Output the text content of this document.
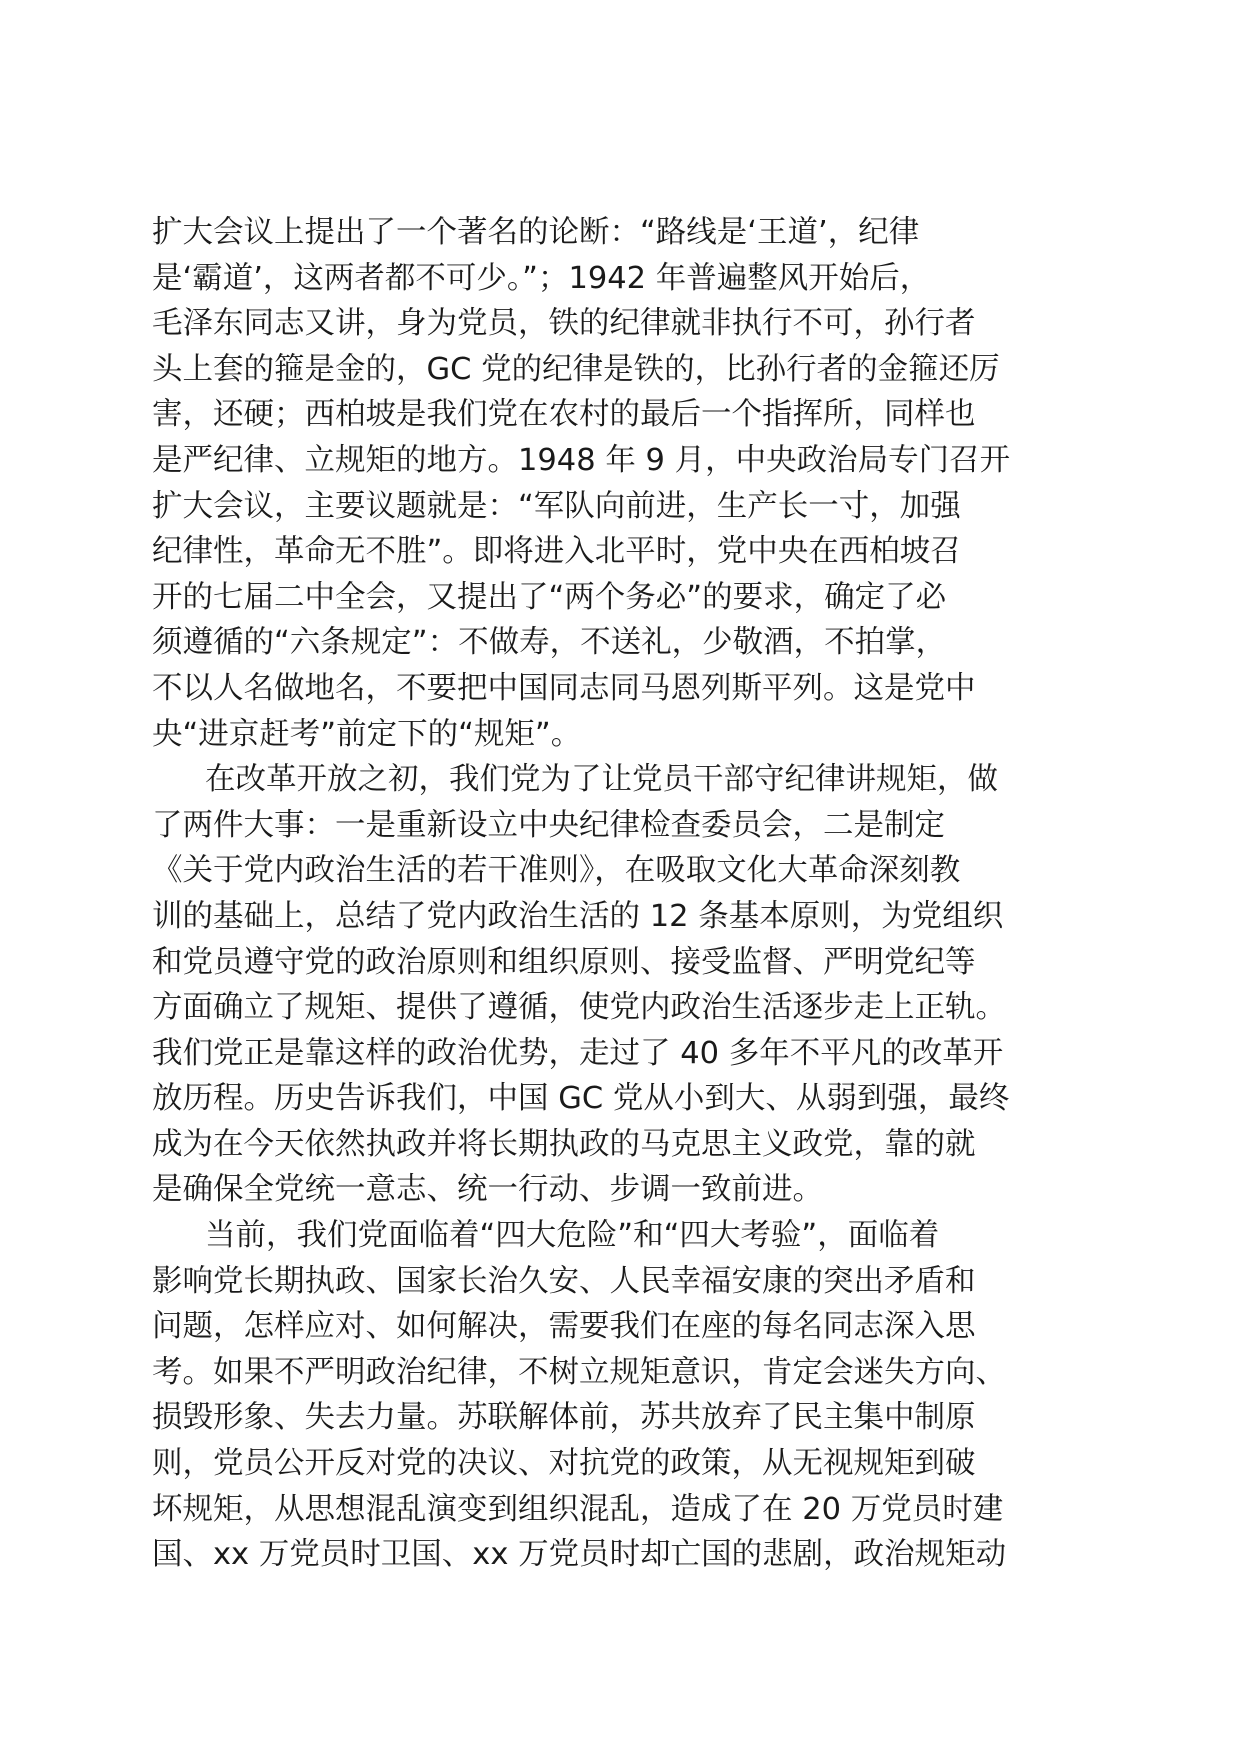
扩大会议上提出了一个著名的论断：“路线是‘王道’，纪律
是‘霸道’，这两者都不可少。”；1942 年普遍整风开始后，
毛泽东同志又讲，身为党员，铁的纪律就非执行不可，孙行者
头上套的箍是金的，GC 党的纪律是铁的，比孙行者的金箍还厉
害，还硬；西柏坡是我们党在农村的最后一个指挥所，同样也
是严纪律、立规矩的地方。1948 年 9 月，中央政治局专门召开
扩大会议，主要议题就是：“军队向前进，生产长一寸，加强
纪律性，革命无不胜”。即将进入北平时，党中央在西柏坡召
开的七届二中全会，又提出了“两个务必”的要求，确定了必
须遵循的“六条规定”：不做寿，不送礼，少敬酒，不拍掌，
不以人名做地名，不要把中国同志同马恩列斯平列。这是党中
央“进京赶考”前定下的“规矩”。
在改革开放之初，我们党为了让党员干部守纪律讲规矩，做
了两件大事：一是重新设立中央纪律检查委员会，二是制定
《关于党内政治生活的若干准则》，在吸取文化大革命深刻教
训的基础上，总结了党内政治生活的 12 条基本原则，为党组织
和党员遵守党的政治原则和组织原则、接受监督、严明党纪等
方面确立了规矩、提供了遵循，使党内政治生活逐步走上正轨。
我们党正是靠这样的政治优势，走过了 40 多年不平凡的改革开
放历程。历史告诉我们，中国 GC 党从小到大、从弱到强，最终
成为在今天依然执政并将长期执政的马克思主义政党，靠的就
是确保全党统一意志、统一行动、步调一致前进。
当前，我们党面临着“四大危险”和“四大考验”，面临着
影响党长期执政、国家长治久安、人民幸福安康的突出矛盾和
问题，怎样应对、如何解决，需要我们在座的每名同志深入思
考。如果不严明政治纪律，不树立规矩意识，肯定会迷失方向、
损毁形象、失去力量。苏联解体前，苏共放弃了民主集中制原
则，党员公开反对党的决议、对抗党的政策，从无视规矩到破
坏规矩，从思想混乱演变到组织混乱，造成了在 20 万党员时建
国、xx 万党员时卫国、xx 万党员时却亡国的悲剧，政治规矩动
